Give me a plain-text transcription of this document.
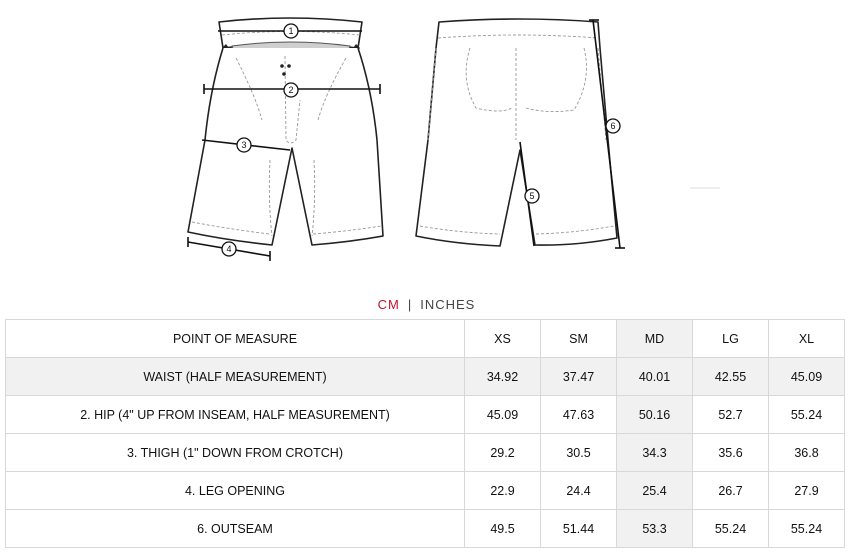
1
2
3
4
5
6
CM | INCHES
POINT OF MEASURE	XS	SM	MD	LG	XL
WAIST (HALF MEASUREMENT)	34.92	37.47	40.01	42.55	45.09
2. HIP (4" UP FROM INSEAM, HALF MEASUREMENT)	45.09	47.63	50.16	52.7	55.24
3. THIGH (1" DOWN FROM CROTCH)	29.2	30.5	34.3	35.6	36.8
4. LEG OPENING	22.9	24.4	25.4	26.7	27.9
6. OUTSEAM	49.5	51.44	53.3	55.24	55.24
